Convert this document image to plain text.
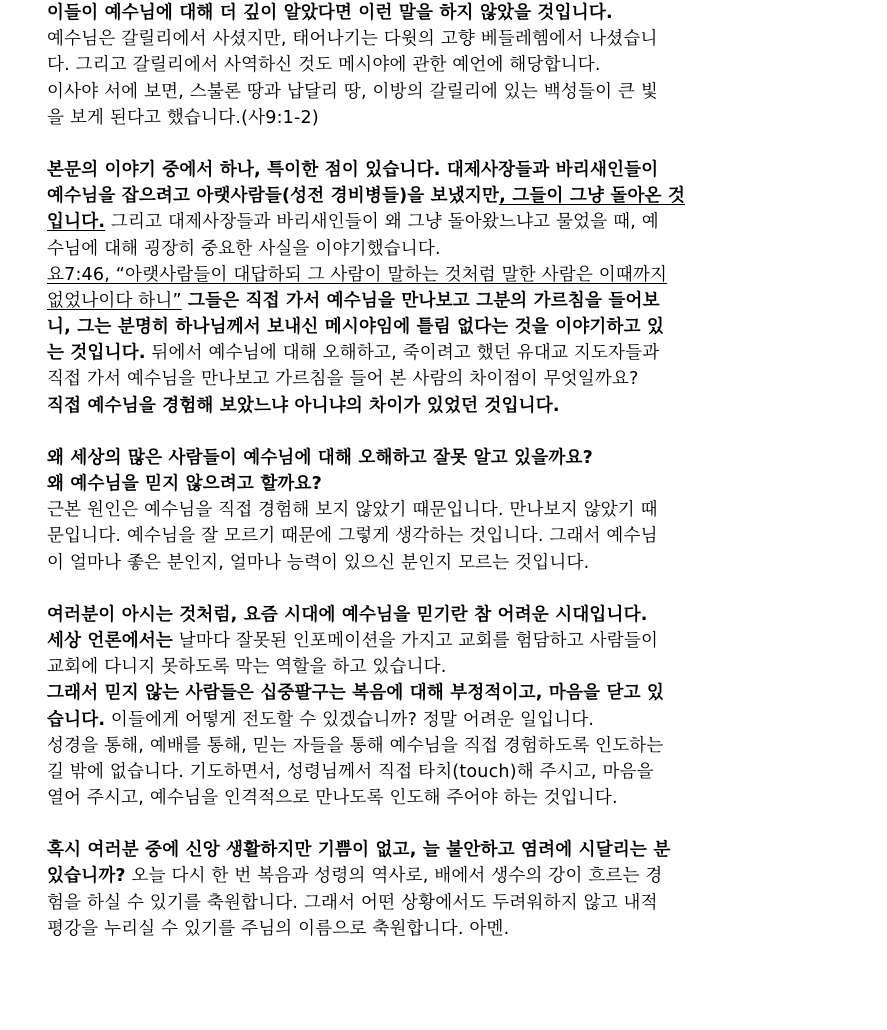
이들이 예수님에 대해 더 깊이 알았다면 이런 말을 하지 않았을 것입니다.
예수님은 갈릴리에서 사셨지만, 태어나기는 다윗의 고향 베들레헴에서 나셨습니
다. 그리고 갈릴리에서 사역하신 것도 메시야에 관한 예언에 해당합니다.
이사야 서에 보면, 스불론 땅과 납달리 땅, 이방의 갈릴리에 있는 백성들이 큰 빛
을 보게 된다고 했습니다.(사9:1-2)
본문의 이야기 중에서 하나, 특이한 점이 있습니다. 대제사장들과 바리새인들이
예수님을 잡으려고 아랫사람들(성전 경비병들)을 보냈지만, 그들이 그냥 돌아온 것
입니다. 그리고 대제사장들과 바리새인들이 왜 그냥 돌아왔느냐고 물었을 때, 예
수님에 대해 굉장히 중요한 사실을 이야기했습니다.
요7:46, “아랫사람들이 대답하되 그 사람이 말하는 것처럼 말한 사람은 이때까지
없었나이다 하니” 그들은 직접 가서 예수님을 만나보고 그분의 가르침을 들어보
니, 그는 분명히 하나님께서 보내신 메시야임에 틀림 없다는 것을 이야기하고 있
는 것입니다. 뒤에서 예수님에 대해 오해하고, 죽이려고 했던 유대교 지도자들과
직접 가서 예수님을 만나보고 가르침을 들어 본 사람의 차이점이 무엇일까요?
직접 예수님을 경험해 보았느냐 아니냐의 차이가 있었던 것입니다.
왜 세상의 많은 사람들이 예수님에 대해 오해하고 잘못 알고 있을까요?
왜 예수님을 믿지 않으려고 할까요?
근본 원인은 예수님을 직접 경험해 보지 않았기 때문입니다. 만나보지 않았기 때
문입니다. 예수님을 잘 모르기 때문에 그렇게 생각하는 것입니다. 그래서 예수님
이 얼마나 좋은 분인지, 얼마나 능력이 있으신 분인지 모르는 것입니다.
여러분이 아시는 것처럼, 요즘 시대에 예수님을 믿기란 참 어려운 시대입니다.
세상 언론에서는 날마다 잘못된 인포메이션을 가지고 교회를 험담하고 사람들이
교회에 다니지 못하도록 막는 역할을 하고 있습니다.
그래서 믿지 않는 사람들은 십중팔구는 복음에 대해 부정적이고, 마음을 닫고 있
습니다. 이들에게 어떻게 전도할 수 있겠습니까? 정말 어려운 일입니다.
성경을 통해, 예배를 통해, 믿는 자들을 통해 예수님을 직접 경험하도록 인도하는
길 밖에 없습니다. 기도하면서, 성령님께서 직접 타치(touch)해 주시고, 마음을
열어 주시고, 예수님을 인격적으로 만나도록 인도해 주어야 하는 것입니다.
혹시 여러분 중에 신앙 생활하지만 기쁨이 없고, 늘 불안하고 염려에 시달리는 분
있습니까? 오늘 다시 한 번 복음과 성령의 역사로, 배에서 생수의 강이 흐르는 경
험을 하실 수 있기를 축원합니다. 그래서 어떤 상황에서도 두려워하지 않고 내적
평강을 누리실 수 있기를 주님의 이름으로 축원합니다. 아멘.
